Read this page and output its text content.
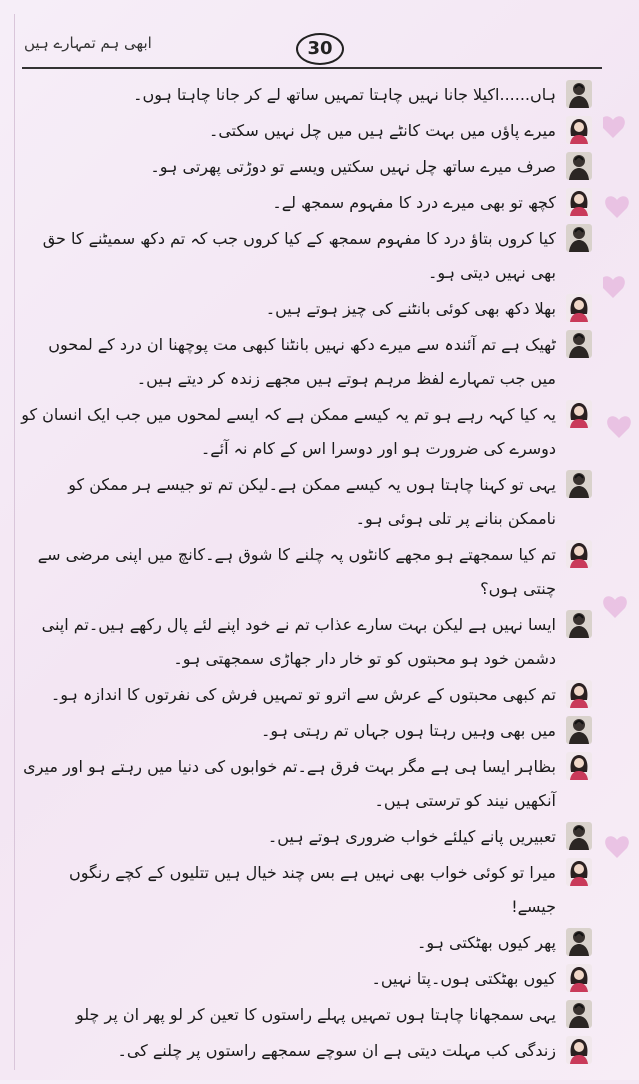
ابھی ہم تمہارے ہیں	30
ہاں......اکیلا جانا نہیں چاہتا تمہیں ساتھ لے کر جانا چاہتا ہوں۔
میرے پاؤں میں بہت کانٹے ہیں میں چل نہیں سکتی۔
صرف میرے ساتھ چل نہیں سکتیں ویسے تو دوڑتی پھرتی ہو۔
کچھ تو بھی میرے درد کا مفہوم سمجھ لے۔
کیا کروں بتاؤ درد کا مفہوم سمجھ کے کیا کروں جب کہ تم دکھ سمیٹنے کا حق بھی نہیں دیتی ہو۔
بھلا دکھ بھی کوئی بانٹنے کی چیز ہوتے ہیں۔
ٹھیک ہے تم آئندہ سے میرے دکھ نہیں بانٹنا کبھی مت پوچھنا ان درد کے لمحوں میں جب تمہارے لفظ مرہم ہوتے ہیں مجھے زندہ کر دیتے ہیں۔
یہ کیا کہہ رہے ہو تم یہ کیسے ممکن ہے کہ ایسے لمحوں میں جب ایک انسان کو دوسرے کی ضرورت ہو اور دوسرا اس کے کام نہ آئے۔
یہی تو کہنا چاہتا ہوں یہ کیسے ممکن ہے۔لیکن تم تو جیسے ہر ممکن کو ناممکن بنانے پر تلی ہوئی ہو۔
تم کیا سمجھتے ہو مجھے کانٹوں پہ چلنے کا شوق ہے۔کانچ میں اپنی مرضی سے چنتی ہوں؟
ایسا نہیں ہے لیکن بہت سارے عذاب تم نے خود اپنے لئے پال رکھے ہیں۔تم اپنی دشمن خود ہو محبتوں کو تو خار دار جھاڑی سمجھتی ہو۔
تم کبھی محبتوں کے عرش سے اترو تو تمہیں فرش کی نفرتوں کا اندازہ ہو۔
میں بھی وہیں رہتا ہوں جہاں تم رہتی ہو۔
بظاہر ایسا ہی ہے مگر بہت فرق ہے۔تم خوابوں کی دنیا میں رہتے ہو اور میری آنکھیں نیند کو ترستی ہیں۔
تعبیریں پانے کیلئے خواب ضروری ہوتے ہیں۔
میرا تو کوئی خواب بھی نہیں ہے بس چند خیال ہیں تتلیوں کے کچے رنگوں جیسے!
پھر کیوں بھٹکتی ہو۔
کیوں بھٹکتی ہوں۔پتا نہیں۔
یہی سمجھانا چاہتا ہوں تمہیں پہلے راستوں کا تعین کر لو پھر ان پر چلو
زندگی کب مہلت دیتی ہے ان سوچے سمجھے راستوں پر چلنے کی۔
